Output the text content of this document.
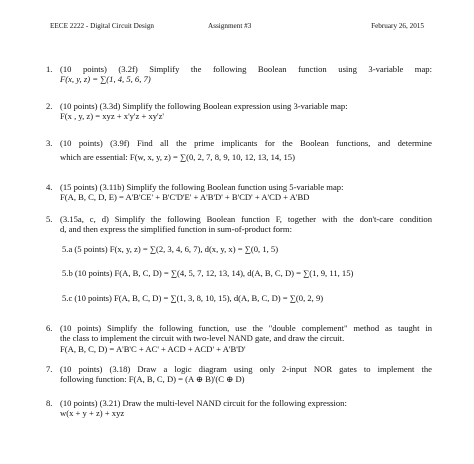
EECE 2222 - Digital Circuit Design	Assignment #3	February 26, 2015
1. (10 points) (3.2f) Simplify the following Boolean function using 3-variable map:
F(x, y, z) = ∑(1, 4, 5, 6, 7)
2. (10 points) (3.3d) Simplify the following Boolean expression using 3-variable map:
F(x , y, z) = xyz + x'y'z + xy'z'
3. (10 points) (3.9f) Find all the prime implicants for the Boolean functions, and determine
which are essential: F(w, x, y, z) = ∑(0, 2, 7, 8, 9, 10, 12, 13, 14, 15)
4. (15 points) (3.11b) Simplify the following Boolean function using 5-variable map:
F(A, B, C, D, E) = A'B'CE' + B'C'D'E' + A'B'D' + B'CD' + A'CD + A'BD
5. (3.15a, c, d) Simplify the following Boolean function F, together with the don't-care condition
d, and then express the simplified function in sum-of-product form:
5.a (5 points) F(x, y, z) = ∑(2, 3, 4, 6, 7), d(x, y, x) = ∑(0, 1, 5)
5.b (10 points) F(A, B, C, D) = ∑(4, 5, 7, 12, 13, 14), d(A, B, C, D) = ∑(1, 9, 11, 15)
5.c (10 points) F(A, B, C, D) = ∑(1, 3, 8, 10, 15), d(A, B, C, D) = ∑(0, 2, 9)
6. (10 points) Simplify the following function, use the "double complement" method as taught in
the class to implement the circuit with two-level NAND gate, and draw the circuit.
F(A, B, C, D) = A'B'C + AC' + ACD + ACD' + A'B'D'
7. (10 points) (3.18) Draw a logic diagram using only 2-input NOR gates to implement the
following function: F(A, B, C, D) = (A ⊕ B)'(C ⊕ D)
8. (10 points) (3.21) Draw the multi-level NAND circuit for the following expression:
w(x + y + z) + xyz
